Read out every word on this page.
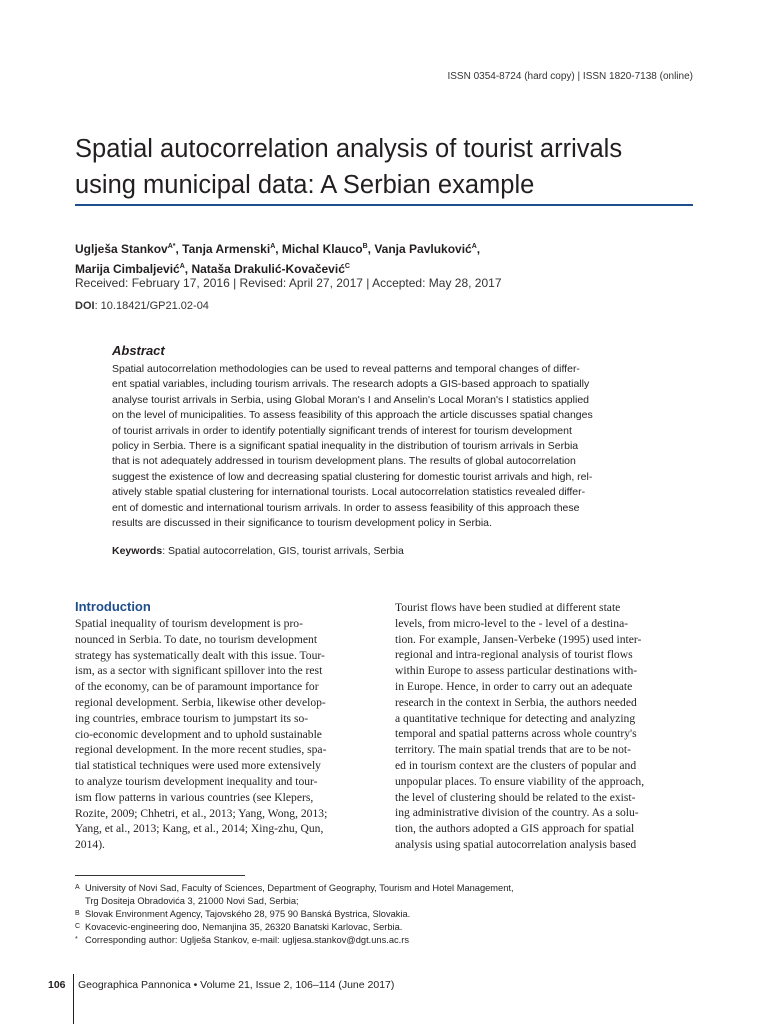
ISSN 0354-8724 (hard copy) | ISSN 1820-7138 (online)
Spatial autocorrelation analysis of tourist arrivals
using municipal data: A Serbian example
Uglješa Stankov$^{A*}$, Tanja Armenski$^A$, Michal Klauco$^B$, Vanja Pavluković$^A$,
Marija Cimbaljević$^A$, Nataša Drakulić-Kovačević$^C$
Received: February 17, 2016 | Revised: April 27, 2017 | Accepted: May 28, 2017
DOI: 10.18421/GP21.02-04
Abstract
Spatial autocorrelation methodologies can be used to reveal patterns and temporal changes of differ-
ent spatial variables, including tourism arrivals. The research adopts a GIS-based approach to spatially
analyse tourist arrivals in Serbia, using Global Moran's I and Anselin's Local Moran's I statistics applied
on the level of municipalities. To assess feasibility of this approach the article discusses spatial changes
of tourist arrivals in order to identify potentially significant trends of interest for tourism development
policy in Serbia. There is a significant spatial inequality in the distribution of tourism arrivals in Serbia
that is not adequately addressed in tourism development plans. The results of global autocorrelation
suggest the existence of low and decreasing spatial clustering for domestic tourist arrivals and high, rel-
atively stable spatial clustering for international tourists. Local autocorrelation statistics revealed differ-
ent of domestic and international tourism arrivals. In order to assess feasibility of this approach these
results are discussed in their significance to tourism development policy in Serbia.
Keywords: Spatial autocorrelation, GIS, tourist arrivals, Serbia
Introduction
Spatial inequality of tourism development is pro-
nounced in Serbia. To date, no tourism development
strategy has systematically dealt with this issue. Tour-
ism, as a sector with significant spillover into the rest
of the economy, can be of paramount importance for
regional development. Serbia, likewise other develop-
ing countries, embrace tourism to jumpstart its so-
cio-economic development and to uphold sustainable
regional development. In the more recent studies, spa-
tial statistical techniques were used more extensively
to analyze tourism development inequality and tour-
ism flow patterns in various countries (see Klepers,
Rozite, 2009; Chhetri, et al., 2013; Yang, Wong, 2013;
Yang, et al., 2013; Kang, et al., 2014; Xing-zhu, Qun,
2014).
Tourist flows have been studied at different state
levels, from micro-level to the - level of a destina-
tion. For example, Jansen-Verbeke (1995) used inter-
regional and intra-regional analysis of tourist flows
within Europe to assess particular destinations with-
in Europe. Hence, in order to carry out an adequate
research in the context in Serbia, the authors needed
a quantitative technique for detecting and analyzing
temporal and spatial patterns across whole country's
territory. The main spatial trends that are to be not-
ed in tourism context are the clusters of popular and
unpopular places. To ensure viability of the approach,
the level of clustering should be related to the exist-
ing administrative division of the country. As a solu-
tion, the authors adopted a GIS approach for spatial
analysis using spatial autocorrelation analysis based
A University of Novi Sad, Faculty of Sciences, Department of Geography, Tourism and Hotel Management,
Trg Dositeja Obradovića 3, 21000 Novi Sad, Serbia;
B Slovak Environment Agency, Tajovského 28, 975 90 Banská Bystrica, Slovakia.
C Kovacevic-engineering doo, Nemanjina 35, 26320 Banatski Karlovac, Serbia.
* Corresponding author: Uglješa Stankov, e-mail: ugljesa.stankov@dgt.uns.ac.rs
106 Geographica Pannonica • Volume 21, Issue 2, 106–114 (June 2017)
